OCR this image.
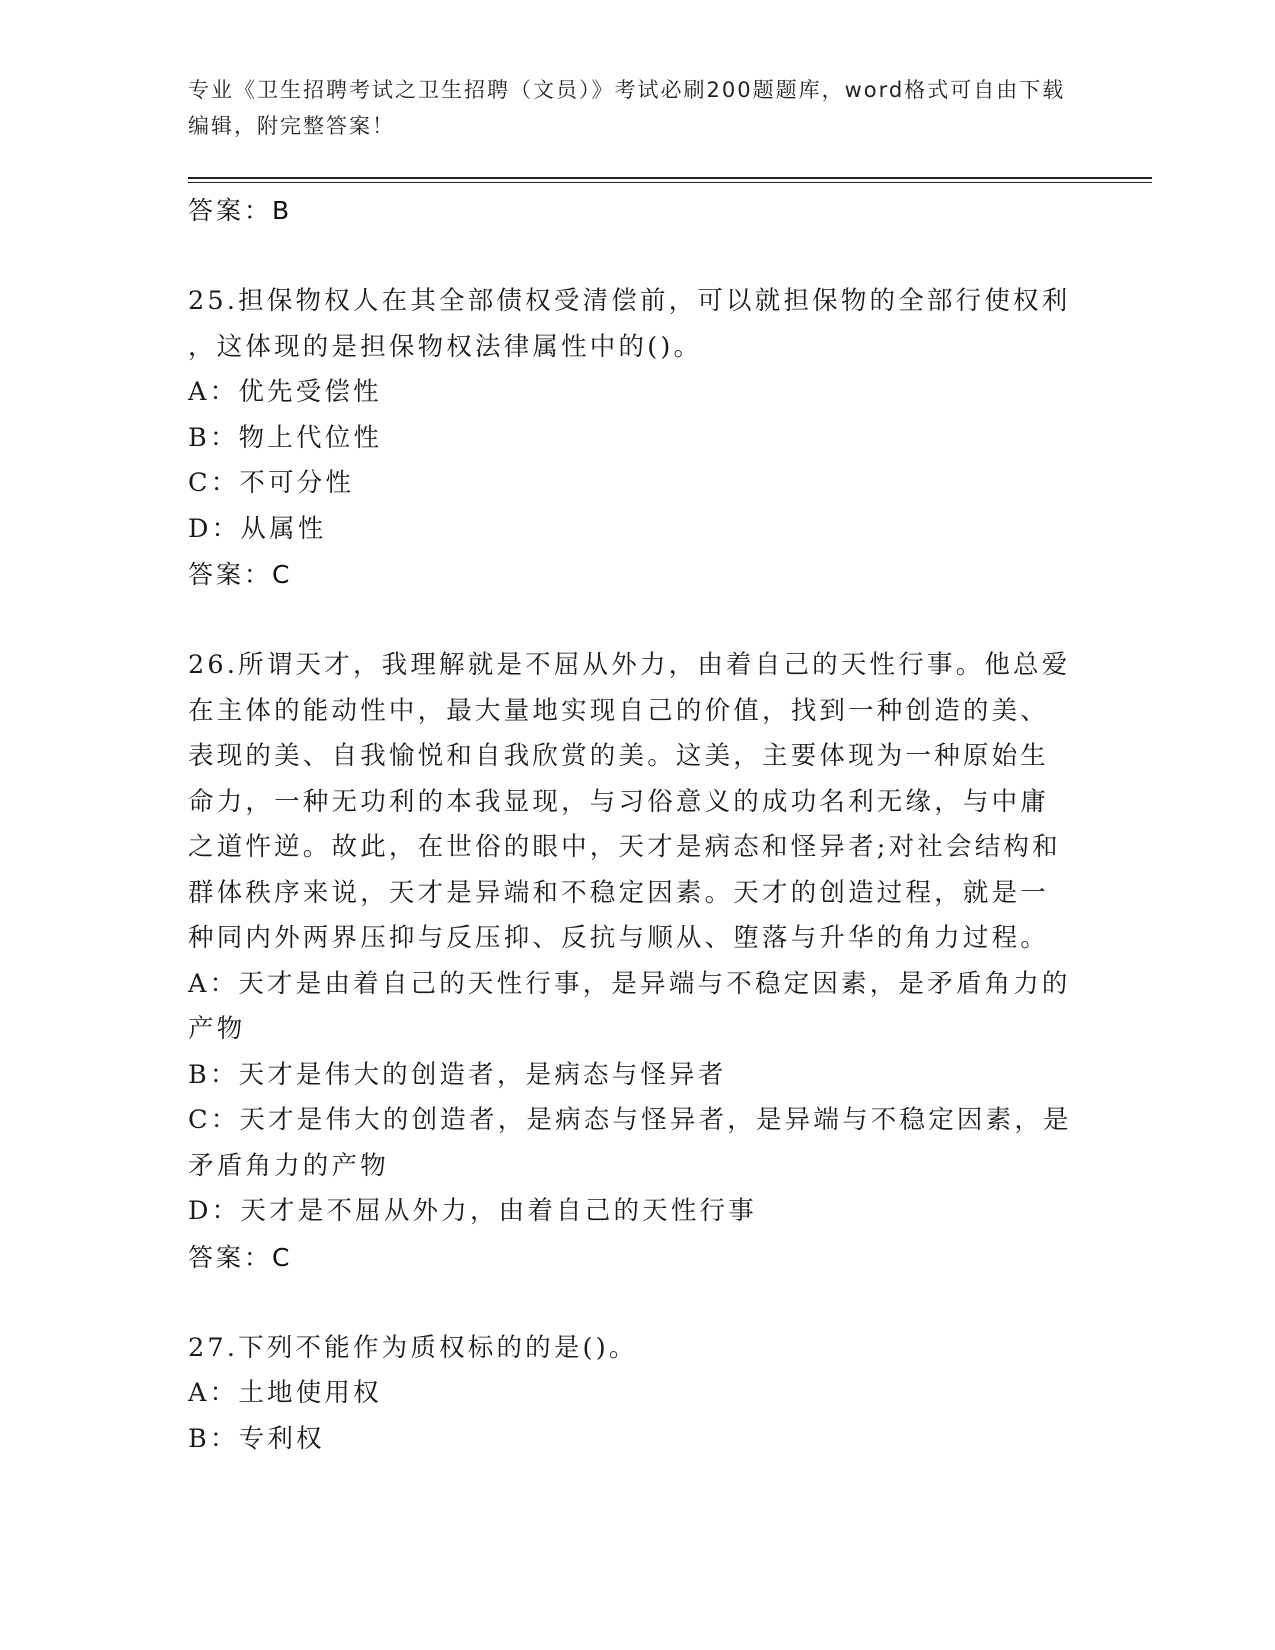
专业《卫生招聘考试之卫生招聘（文员）》考试必刷200题题库，word格式可自由下载编辑，附完整答案！
答案：B
25.担保物权人在其全部债权受清偿前，可以就担保物的全部行使权利
，这体现的是担保物权法律属性中的()。
A：优先受偿性
B：物上代位性
C：不可分性
D：从属性
答案：C
26.所谓天才，我理解就是不屈从外力，由着自己的天性行事。他总爱
在主体的能动性中，最大量地实现自己的价值，找到一种创造的美、
表现的美、自我愉悦和自我欣赏的美。这美，主要体现为一种原始生
命力，一种无功利的本我显现，与习俗意义的成功名利无缘，与中庸
之道忤逆。故此，在世俗的眼中，天才是病态和怪异者;对社会结构和
群体秩序来说，天才是异端和不稳定因素。天才的创造过程，就是一
种同内外两界压抑与反压抑、反抗与顺从、堕落与升华的角力过程。
A：天才是由着自己的天性行事，是异端与不稳定因素，是矛盾角力的
产物
B：天才是伟大的创造者，是病态与怪异者
C：天才是伟大的创造者，是病态与怪异者，是异端与不稳定因素，是
矛盾角力的产物
D：天才是不屈从外力，由着自己的天性行事
答案：C
27.下列不能作为质权标的的是()。
A：土地使用权
B：专利权
